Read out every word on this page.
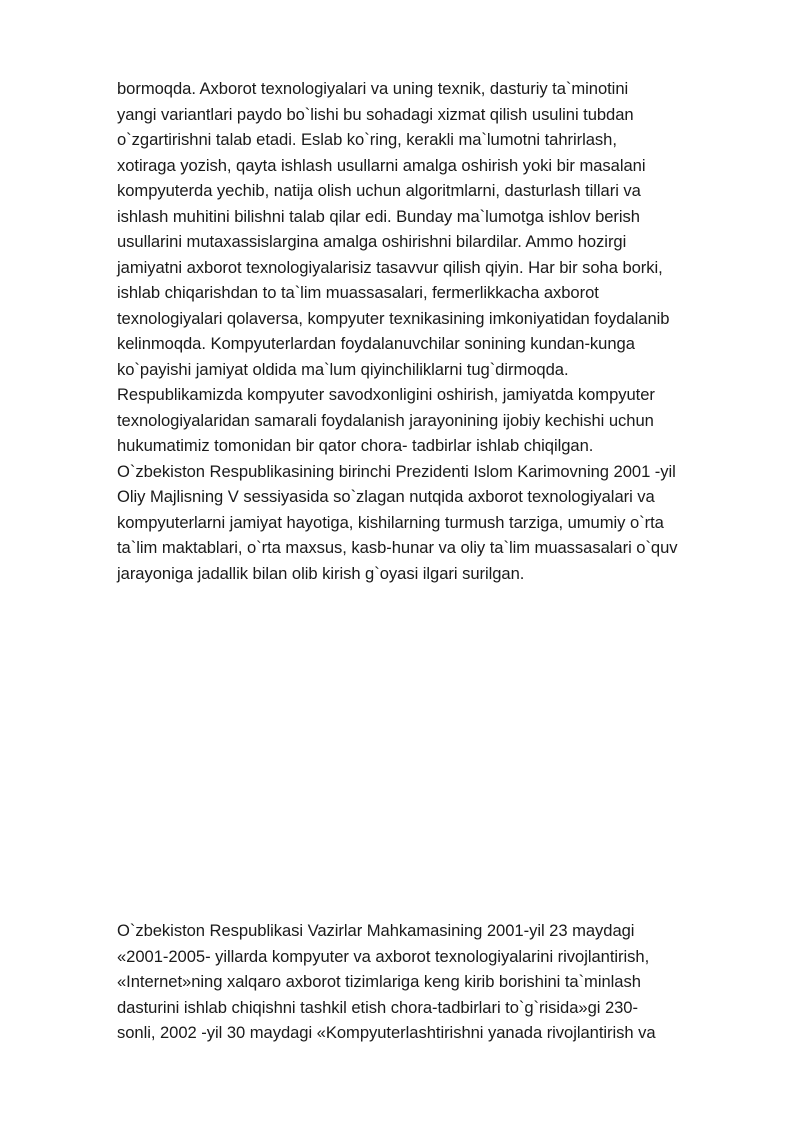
bormoqda. Axborot texnologiyalari va uning texnik, dasturiy ta`minotini
yangi variantlari paydo bo`lishi bu sohadagi xizmat qilish usulini tubdan
o`zgartirishni talab etadi. Eslab ko`ring, kerakli ma`lumotni tahrirlash,
xotiraga yozish, qayta ishlash usullarni amalga oshirish yoki bir masalani
kompyuterda yechib, natija olish uchun algoritmlarni, dasturlash tillari va
ishlash muhitini bilishni talab qilar edi. Bunday ma`lumotga ishlov berish
usullarini mutaxassislargina amalga oshirishni bilardilar. Ammo hozirgi
jamiyatni axborot texnologiyalarisiz tasavvur qilish qiyin. Har bir soha borki,
ishlab chiqarishdan to ta`lim muassasalari, fermerlikkacha axborot
texnologiyalari qolaversa, kompyuter texnikasining imkoniyatidan foydalanib
kelinmoqda. Kompyuterlardan foydalanuvchilar sonining kundan-kunga
ko`payishi jamiyat oldida ma`lum qiyinchiliklarni tug`dirmoqda.
Respublikamizda kompyuter savodxonligini oshirish, jamiyatda kompyuter
texnologiyalaridan samarali foydalanish jarayonining ijobiy kechishi uchun
hukumatimiz tomonidan bir qator chora- tadbirlar ishlab chiqilgan.
O`zbekiston Respublikasining birinchi Prezidenti Islom Karimovning 2001 -yil
Oliy Majlisning V sessiyasida so`zlagan nutqida axborot texnologiyalari va
kompyuterlarni jamiyat hayotiga, kishilarning turmush tarziga, umumiy o`rta
ta`lim maktablari, o`rta maxsus, kasb-hunar va oliy ta`lim muassasalari o`quv
jarayoniga jadallik bilan olib kirish g`oyasi ilgari surilgan.
O`zbekiston Respublikasi Vazirlar Mahkamasining 2001-yil 23 maydagi
«2001-2005- yillarda kompyuter va axborot texnologiyalarini rivojlantirish,
«Internet»ning xalqaro axborot tizimlariga keng kirib borishini ta`minlash
dasturini ishlab chiqishni tashkil etish chora-tadbirlari to`g`risida»gi 230-
sonli, 2002 -yil 30 maydagi «Kompyuterlashtirishni yanada rivojlantirish va
